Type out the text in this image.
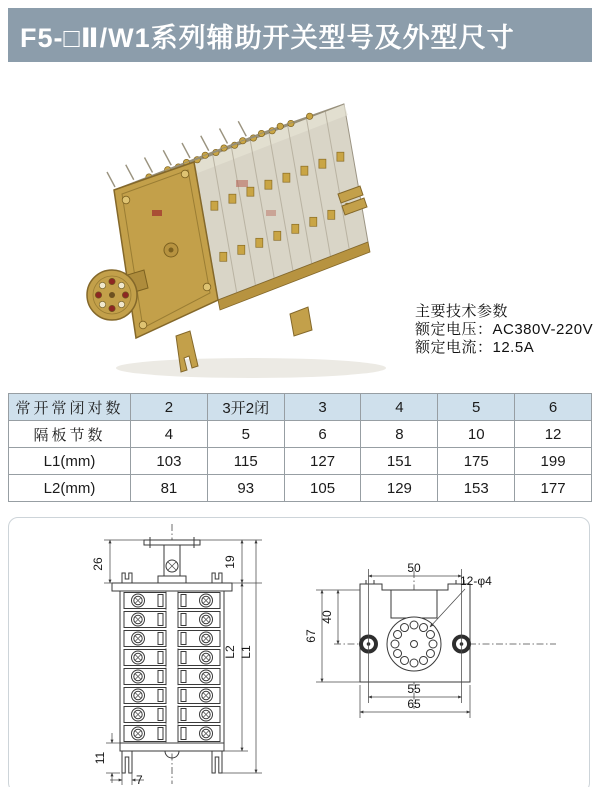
F5-□Ⅱ/W1系列辅助开关型号及外型尺寸
主要技术参数
额定电压：AC380V-220V
额定电流：12.5A
常开常闭对数	2	3开2闭	3	4	5	6
隔板节数	4	5	6	8	10	12
L1(mm)	103	115	127	151	175	199
L2(mm)	81	93	105	129	153	177
26	19
L2 L1
11
7
50
12-φ4
67
40
55
65
